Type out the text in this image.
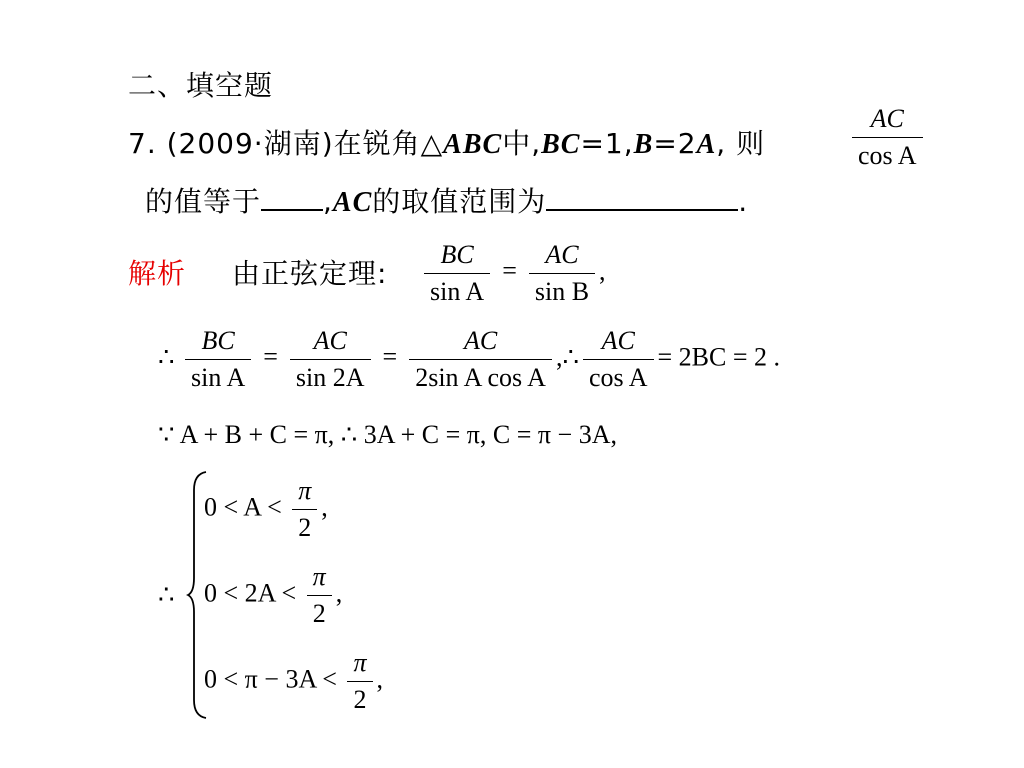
二、填空题
7. (2009·湖南)在锐角△ABC中,BC=1,B=2A, 则	$\frac{AC}{\text{cos A}}$
的值等于 ,AC的取值范围为	.
解析 由正弦定理: $\frac{BC}{\text{sin A}} = \frac{AC}{\text{sin B}}$ ,
∴ $\frac{BC}{\text{sin A}} = \frac{AC}{\sin 2A} = \frac{AC}{\text{2sin A cos A}}$ ,∴ $\frac{AC}{\text{cos A}} = 2BC = 2$ .
∵ A + B + C = π, ∴ 3A + C = π, C = π − 3A,
∴
$0 < A < \frac{\pi}{2}$ ,
$0 < 2A < \frac{\pi}{2}$ ,
$0 < \pi - 3A < \frac{\pi}{2}$ ,
